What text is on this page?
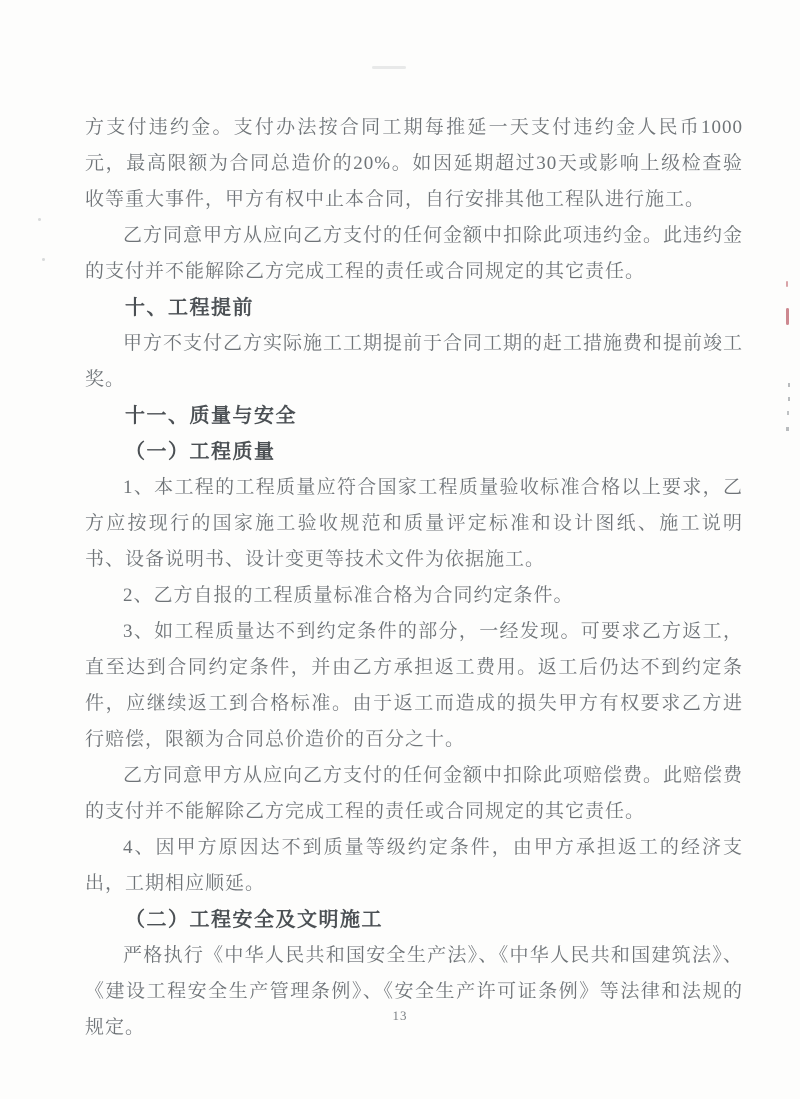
方支付违约金。支付办法按合同工期每推延一天支付违约金人民币1000元，最高限额为合同总造价的20%。如因延期超过30天或影响上级检查验收等重大事件，甲方有权中止本合同，自行安排其他工程队进行施工。

乙方同意甲方从应向乙方支付的任何金额中扣除此项违约金。此违约金的支付并不能解除乙方完成工程的责任或合同规定的其它责任。

十、工程提前

甲方不支付乙方实际施工工期提前于合同工期的赶工措施费和提前竣工奖。

十一、质量与安全
（一）工程质量

1、本工程的工程质量应符合国家工程质量验收标准合格以上要求，乙方应按现行的国家施工验收规范和质量评定标准和设计图纸、施工说明书、设备说明书、设计变更等技术文件为依据施工。

2、乙方自报的工程质量标准合格为合同约定条件。

3、如工程质量达不到约定条件的部分，一经发现。可要求乙方返工，直至达到合同约定条件，并由乙方承担返工费用。返工后仍达不到约定条件，应继续返工到合格标准。由于返工而造成的损失甲方有权要求乙方进行赔偿，限额为合同总价造价的百分之十。

乙方同意甲方从应向乙方支付的任何金额中扣除此项赔偿费。此赔偿费的支付并不能解除乙方完成工程的责任或合同规定的其它责任。

4、因甲方原因达不到质量等级约定条件，由甲方承担返工的经济支出，工期相应顺延。

（二）工程安全及文明施工

严格执行《中华人民共和国安全生产法》、《中华人民共和国建筑法》、《建设工程安全生产管理条例》、《安全生产许可证条例》等法律和法规的规定。

13
